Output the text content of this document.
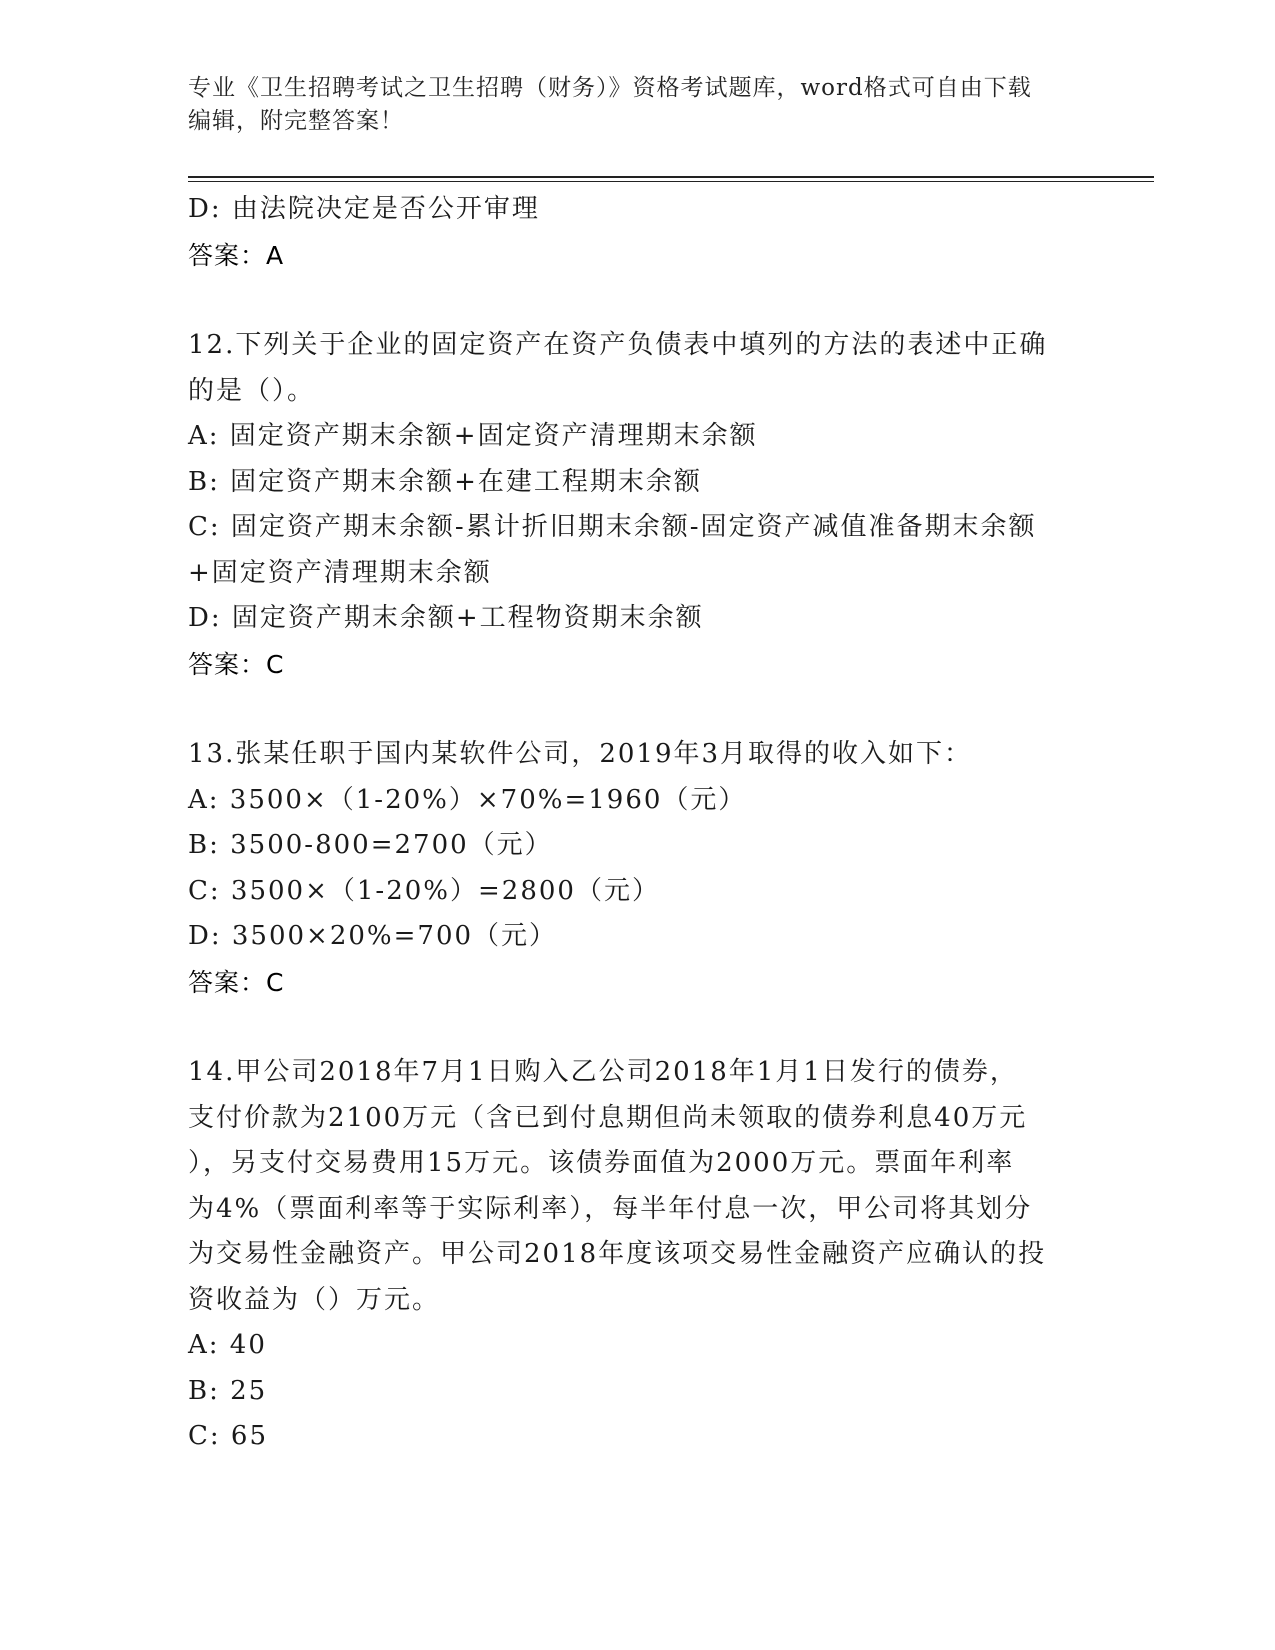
专业《卫生招聘考试之卫生招聘（财务）》资格考试题库，word格式可自由下载
编辑，附完整答案！
D: 由法院决定是否公开审理
答案：A
12.下列关于企业的固定资产在资产负债表中填列的方法的表述中正确
的是（）。
A: 固定资产期末余额+固定资产清理期末余额
B: 固定资产期末余额+在建工程期末余额
C: 固定资产期末余额-累计折旧期末余额-固定资产减值准备期末余额
+固定资产清理期末余额
D: 固定资产期末余额+工程物资期末余额
答案：C
13.张某任职于国内某软件公司，2019年3月取得的收入如下：
A: 3500×（1-20%）×70%=1960（元）
B: 3500-800=2700（元）
C: 3500×（1-20%）=2800（元）
D: 3500×20%=700（元）
答案：C
14.甲公司2018年7月1日购入乙公司2018年1月1日发行的债券，
支付价款为2100万元（含已到付息期但尚未领取的债券利息40万元
），另支付交易费用15万元。该债券面值为2000万元。票面年利率
为4%（票面利率等于实际利率），每半年付息一次，甲公司将其划分
为交易性金融资产。甲公司2018年度该项交易性金融资产应确认的投
资收益为（）万元。
A: 40
B: 25
C: 65
